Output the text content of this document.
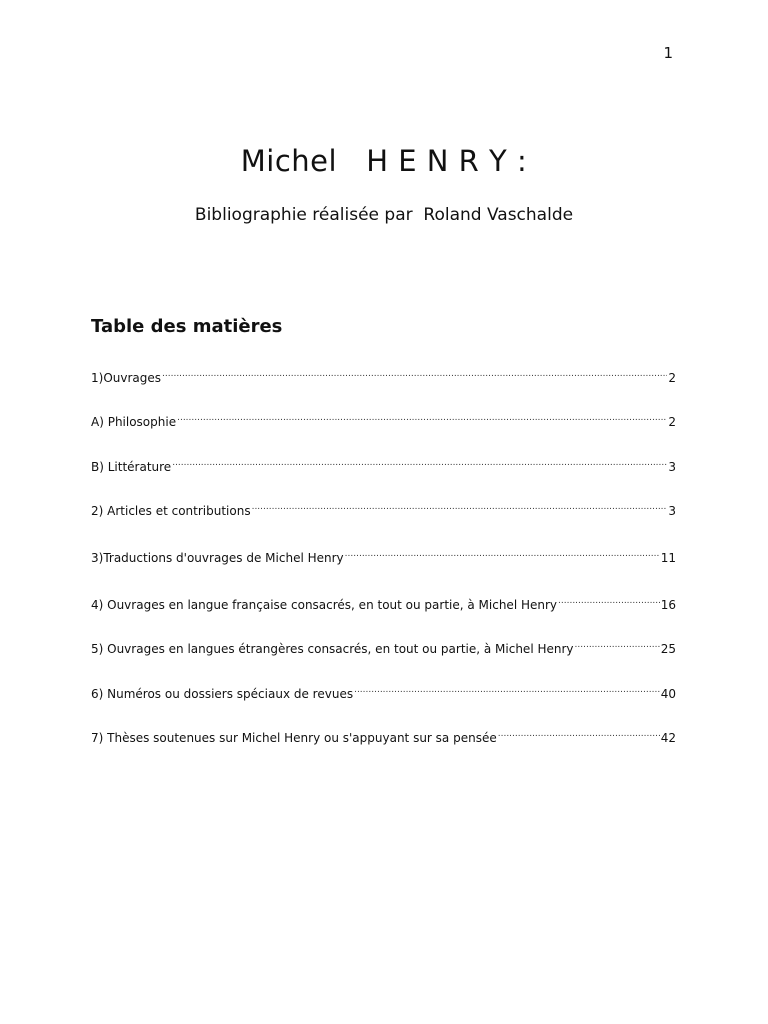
1
Michel   H E N R Y :
Bibliographie réalisée par  Roland Vaschalde
Table des matières
1)Ouvrages .....	2
A) Philosophie .....	2
B) Littérature .....	3
2) Articles et contributions .....	3
3)Traductions d'ouvrages de Michel Henry .....	11
4) Ouvrages en langue française consacrés, en tout ou partie, à Michel Henry .....	16
5) Ouvrages en langues étrangères consacrés, en tout ou partie, à Michel Henry .....	25
6) Numéros ou dossiers spéciaux de revues .....	40
7) Thèses soutenues sur Michel Henry ou s'appuyant sur sa pensée .....	42
